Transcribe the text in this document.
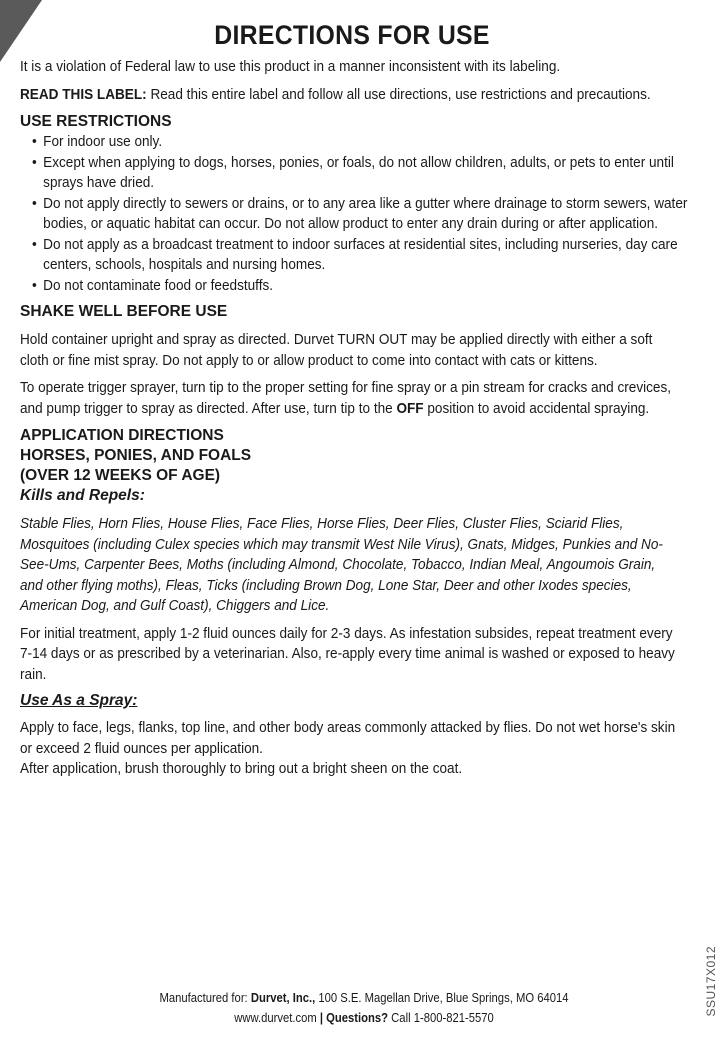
DIRECTIONS FOR USE

It is a violation of Federal law to use this product in a manner inconsistent with its labeling.

READ THIS LABEL: Read this entire label and follow all use directions, use restrictions and precautions.

USE RESTRICTIONS
• For indoor use only.
• Except when applying to dogs, horses, ponies, or foals, do not allow children, adults, or pets to enter until sprays have dried.
• Do not apply directly to sewers or drains, or to any area like a gutter where drainage to storm sewers, water bodies, or aquatic habitat can occur. Do not allow product to enter any drain during or after application.
• Do not apply as a broadcast treatment to indoor surfaces at residential sites, including nurseries, day care centers, schools, hospitals and nursing homes.
• Do not contaminate food or feedstuffs.
SHAKE WELL BEFORE USE

Hold container upright and spray as directed. Durvet TURN OUT may be applied directly with either a soft cloth or fine mist spray. Do not apply to or allow product to come into contact with cats or kittens.

To operate trigger sprayer, turn tip to the proper setting for fine spray or a pin stream for cracks and crevices, and pump trigger to spray as directed. After use, turn tip to the OFF position to avoid accidental spraying.

APPLICATION DIRECTIONS
HORSES, PONIES, AND FOALS
(OVER 12 WEEKS OF AGE)
Kills and Repels:

Stable Flies, Horn Flies, House Flies, Face Flies, Horse Flies, Deer Flies, Cluster Flies, Sciarid Flies, Mosquitoes (including Culex species which may transmit West Nile Virus), Gnats, Midges, Punkies and No-See-Ums, Carpenter Bees, Moths (including Almond, Chocolate, Tobacco, Indian Meal, Angoumois Grain, and other flying moths), Fleas, Ticks (including Brown Dog, Lone Star, Deer and other Ixodes species, American Dog, and Gulf Coast), Chiggers and Lice.

For initial treatment, apply 1-2 fluid ounces daily for 2-3 days. As infestation subsides, repeat treatment every 7-14 days or as prescribed by a veterinarian. Also, re-apply every time animal is washed or exposed to heavy rain.

Use As a Spray:

Apply to face, legs, flanks, top line, and other body areas commonly attacked by flies. Do not wet horse's skin or exceed 2 fluid ounces per application.

After application, brush thoroughly to bring out a bright sheen on the coat.

Manufactured for: Durvet, Inc., 100 S.E. Magellan Drive, Blue Springs, MO 64014
www.durvet.com | Questions? Call 1-800-821-5570
SSU17X012
